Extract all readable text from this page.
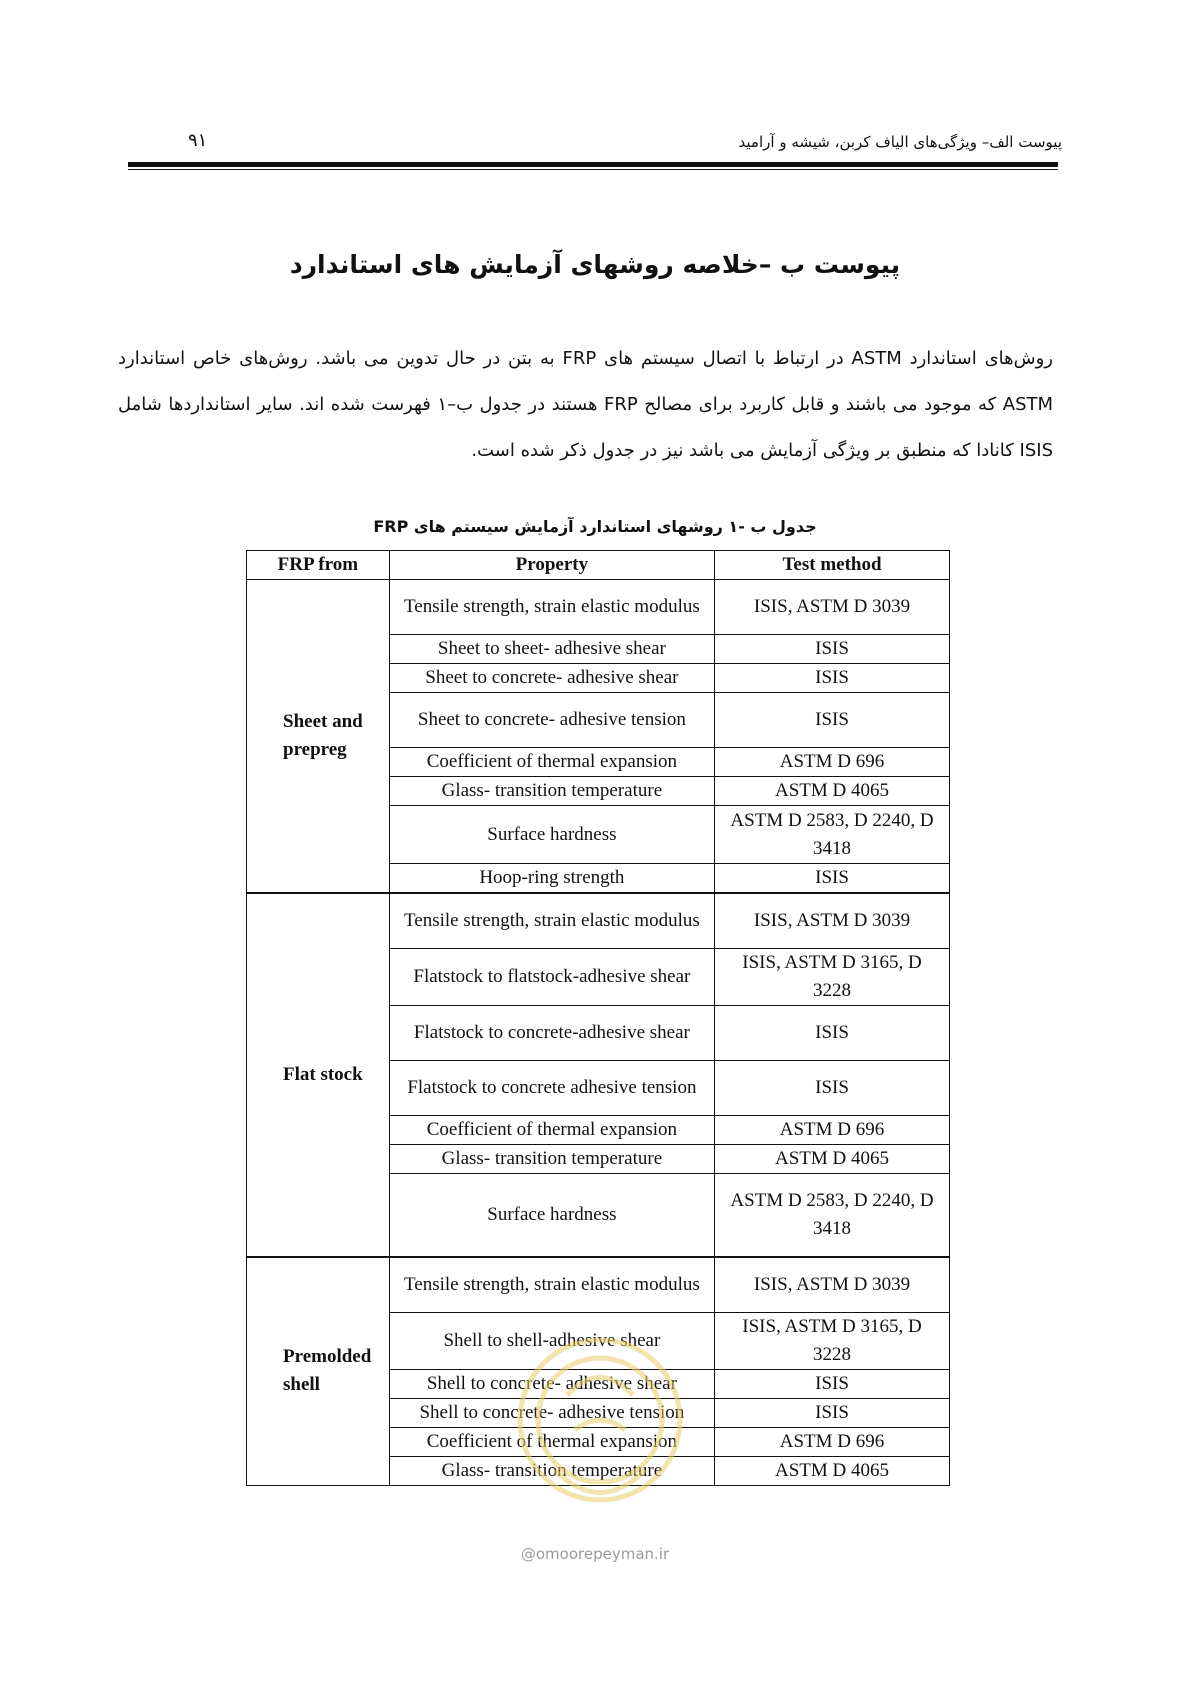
پیوست الف– ویژگی‌های الیاف کربن، شیشه و آرامید
۹۱
پیوست ب –خلاصه روشهای آزمایش های استاندارد
روش‌های استاندارد ASTM در ارتباط با اتصال سیستم های FRP به بتن در حال تدوین می باشد. روش‌های خاص استاندارد ASTM که موجود می باشند و قابل کاربرد برای مصالح FRP هستند در جدول ب–۱ فهرست شده اند. سایر استانداردها شامل ISIS کانادا که منطبق بر ویژگی آزمایش می باشد نیز در جدول ذکر شده است.
جدول ب -۱ روشهای استاندارد آزمایش سیستم های FRP
FRP from	Property	Test method

Sheet and
prepreg	Tensile strength, strain elastic modulus	ISIS, ASTM D 3039
	Sheet to sheet- adhesive shear	ISIS
	Sheet to concrete- adhesive shear	ISIS
	Sheet to concrete- adhesive tension	ISIS
	Coefficient of thermal expansion	ASTM D 696
	Glass- transition temperature	ASTM D 4065
	Surface hardness	ASTM D 2583, D 2240, D 3418
	Hoop-ring strength	ISIS

Flat stock	Tensile strength, strain elastic modulus	ISIS, ASTM D 3039
	Flatstock to flatstock-adhesive shear	ISIS, ASTM D 3165, D 3228
	Flatstock to concrete-adhesive shear	ISIS
	Flatstock to concrete adhesive tension	ISIS
	Coefficient of thermal expansion	ASTM D 696
	Glass- transition temperature	ASTM D 4065
	Surface hardness	ASTM D 2583, D 2240, D 3418

Premolded
shell	Tensile strength, strain elastic modulus	ISIS, ASTM D 3039
	Shell to shell-adhesive shear	ISIS, ASTM D 3165, D 3228
	Shell to concrete- adhesive shear	ISIS
	Shell to concrete- adhesive tension	ISIS
	Coefficient of thermal expansion	ASTM D 696
	Glass- transition temperature	ASTM D 4065
@omoorepeyman.ir
